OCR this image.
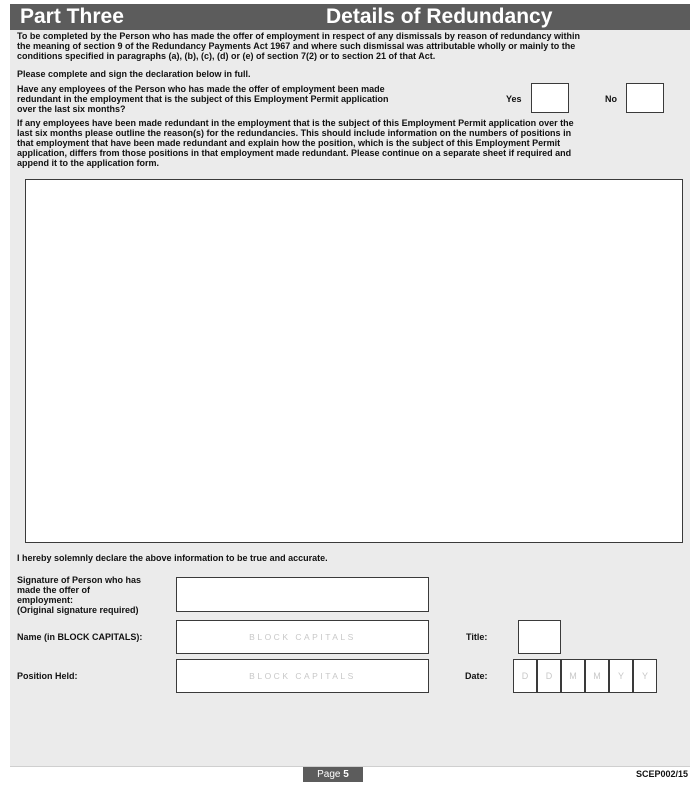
Part Three	Details of Redundancy
To be completed by the Person who has made the offer of employment in respect of any dismissals by reason of redundancy within
the meaning of section 9 of the Redundancy Payments Act 1967 and where such dismissal was attributable wholly or mainly to the
conditions specified in paragraphs (a), (b), (c), (d) or (e) of section 7(2) or to section 21 of that Act.
Please complete and sign the declaration below in full.
Have any employees of the Person who has made the offer of employment been made
redundant in the employment that is the subject of this Employment Permit application
over the last six months?
Yes	No
If any employees have been made redundant in the employment that is the subject of this Employment Permit application over the
last six months please outline the reason(s) for the redundancies. This should include information on the numbers of positions in
that employment that have been made redundant and explain how the position, which is the subject of this Employment Permit
application, differs from those positions in that employment made redundant. Please continue on a separate sheet if required and
append it to the application form.
I hereby solemnly declare the above information to be true and accurate.
Signature of Person who has
made the offer of
employment:
(Original signature required)
Name (in BLOCK CAPITALS):	BLOCK CAPITALS	Title:
Position Held:	BLOCK CAPITALS	Date:	D	D	M	M	Y	Y
Page 5	SCEP002/15
